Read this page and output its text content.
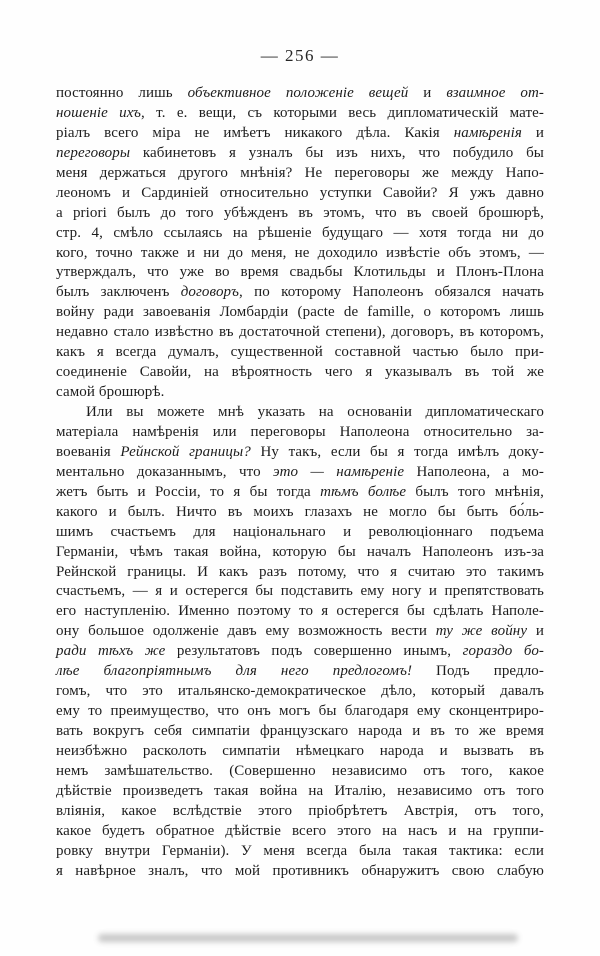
— 256 —
постоянно лишь объективное положеніе вещей и взаимное от-
ношеніе ихъ, т. е. вещи, съ которыми весь дипломатическій мате-
ріалъ всего міра не имѣетъ никакого дѣла. Какія намѣренія и
переговоры кабинетовъ я узналъ бы изъ нихъ, что побудило бы
меня держаться другого мнѣнія? Не переговоры же между Напо-
леономъ и Сардиніей относительно уступки Савойи? Я ужъ давно
a priori былъ до того убѣжденъ въ этомъ, что въ своей брошюрѣ,
стр. 4, смѣло ссылаясь на рѣшеніе будущаго — хотя тогда ни до
кого, точно также и ни до меня, не доходило извѣстіе объ этомъ, —
утверждалъ, что уже во время свадьбы Клотильды и Плонъ-Плона
былъ заключенъ договоръ, по которому Наполеонъ обязался начать
войну ради завоеванія Ломбардіи (pacte de famille, о которомъ лишь
недавно стало извѣстно въ достаточной степени), договоръ, въ которомъ,
какъ я всегда думалъ, существенной составной частью было при-
соединеніе Савойи, на вѣроятность чего я указывалъ въ той же
самой брошюрѣ.
Или вы можете мнѣ указать на основаніи дипломатическаго
матеріала намѣренія или переговоры Наполеона относительно за-
воеванія Рейнской границы? Ну такъ, если бы я тогда имѣлъ доку-
ментально доказаннымъ, что это — намѣреніе Наполеона, а мо-
жетъ быть и Россіи, то я бы тогда тѣмъ болѣе былъ того мнѣнія,
какого и былъ. Ничто въ моихъ глазахъ не могло бы быть бо́ль-
шимъ счастьемъ для національнаго и революціоннаго подъема
Германіи, чѣмъ такая война, которую бы началъ Наполеонъ изъ-за
Рейнской границы. И какъ разъ потому, что я считаю это такимъ
счастьемъ, — я и остерегся бы подставить ему ногу и препятствовать
его наступленію. Именно поэтому то я остерегся бы сдѣлать Наполе-
ону большое одолженіе давъ ему возможность вести ту же войну и
ради тѣхъ же результатовъ подъ совершенно инымъ, гораздо бо-
лѣе благопріятнымъ для него предлогомъ! Подъ предло-
гомъ, что это итальянско-демократическое дѣло, который давалъ
ему то преимущество, что онъ могъ бы благодаря ему сконцентриро-
вать вокругъ себя симпатіи французскаго народа и въ то же время
неизбѣжно расколоть симпатіи нѣмецкаго народа и вызвать въ
немъ замѣшательство. (Совершенно независимо отъ того, какое
дѣйствіе произведетъ такая война на Италію, независимо отъ того
вліянія, какое вслѣдствіе этого пріобрѣтетъ Австрія, отъ того,
какое будетъ обратное дѣйствіе всего этого на насъ и на группи-
ровку внутри Германіи). У меня всегда была такая тактика: если
я навѣрное зналъ, что мой противникъ обнаружитъ свою слабую
